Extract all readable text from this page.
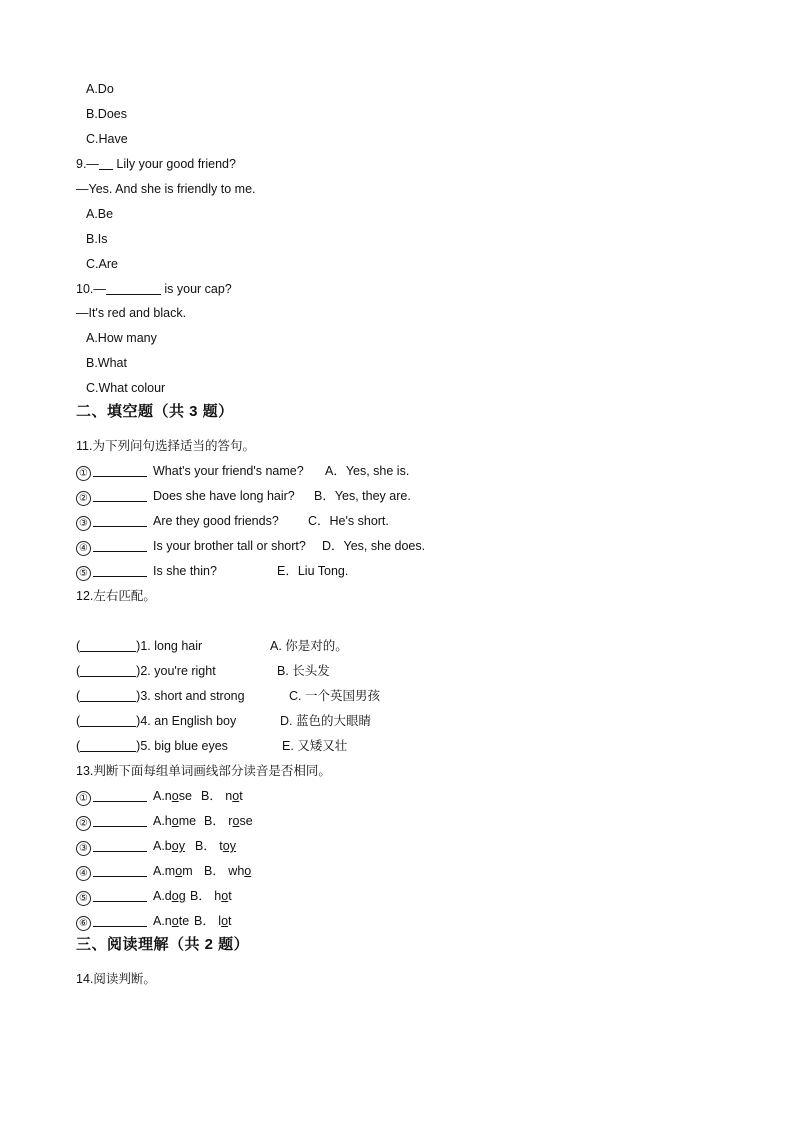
A.Do
B.Does
C.Have
9.— Lily your good friend?
—Yes. And she is friendly to me.
A.Be
B.Is
C.Are
10.—	is your cap?
—It's red and black.
A.How many
B.What
C.What colour
二、填空题（共 3 题）
11.为下列问句选择适当的答句。
①	What's your friend's name? A．Yes, she is.
②	Does she have long hair? B．Yes, they are.
③	Are they good friends? C．He's short.
④	Is your brother tall or short? D．Yes, she does.
⑤	Is she thin?	E．Liu Tong.
12.左右匹配。
(	)1. long hair	A. 你是对的。
(	)2. you're right	B. 长头发
(	)3. short and strong	C. 一个英国男孩
(	)4. an English boy	D. 蓝色的大眼睛
(	)5. big blue eyes	E. 又矮又壮
13.判断下面每组单词画线部分读音是否相同。
①	A.nose B． not
②	A.home B． rose
③	A.boy B． toy
④	A.mom B． who
⑤	A.dog B． hot
⑥	A.note B． lot
三、阅读理解（共 2 题）
14.阅读判断。
